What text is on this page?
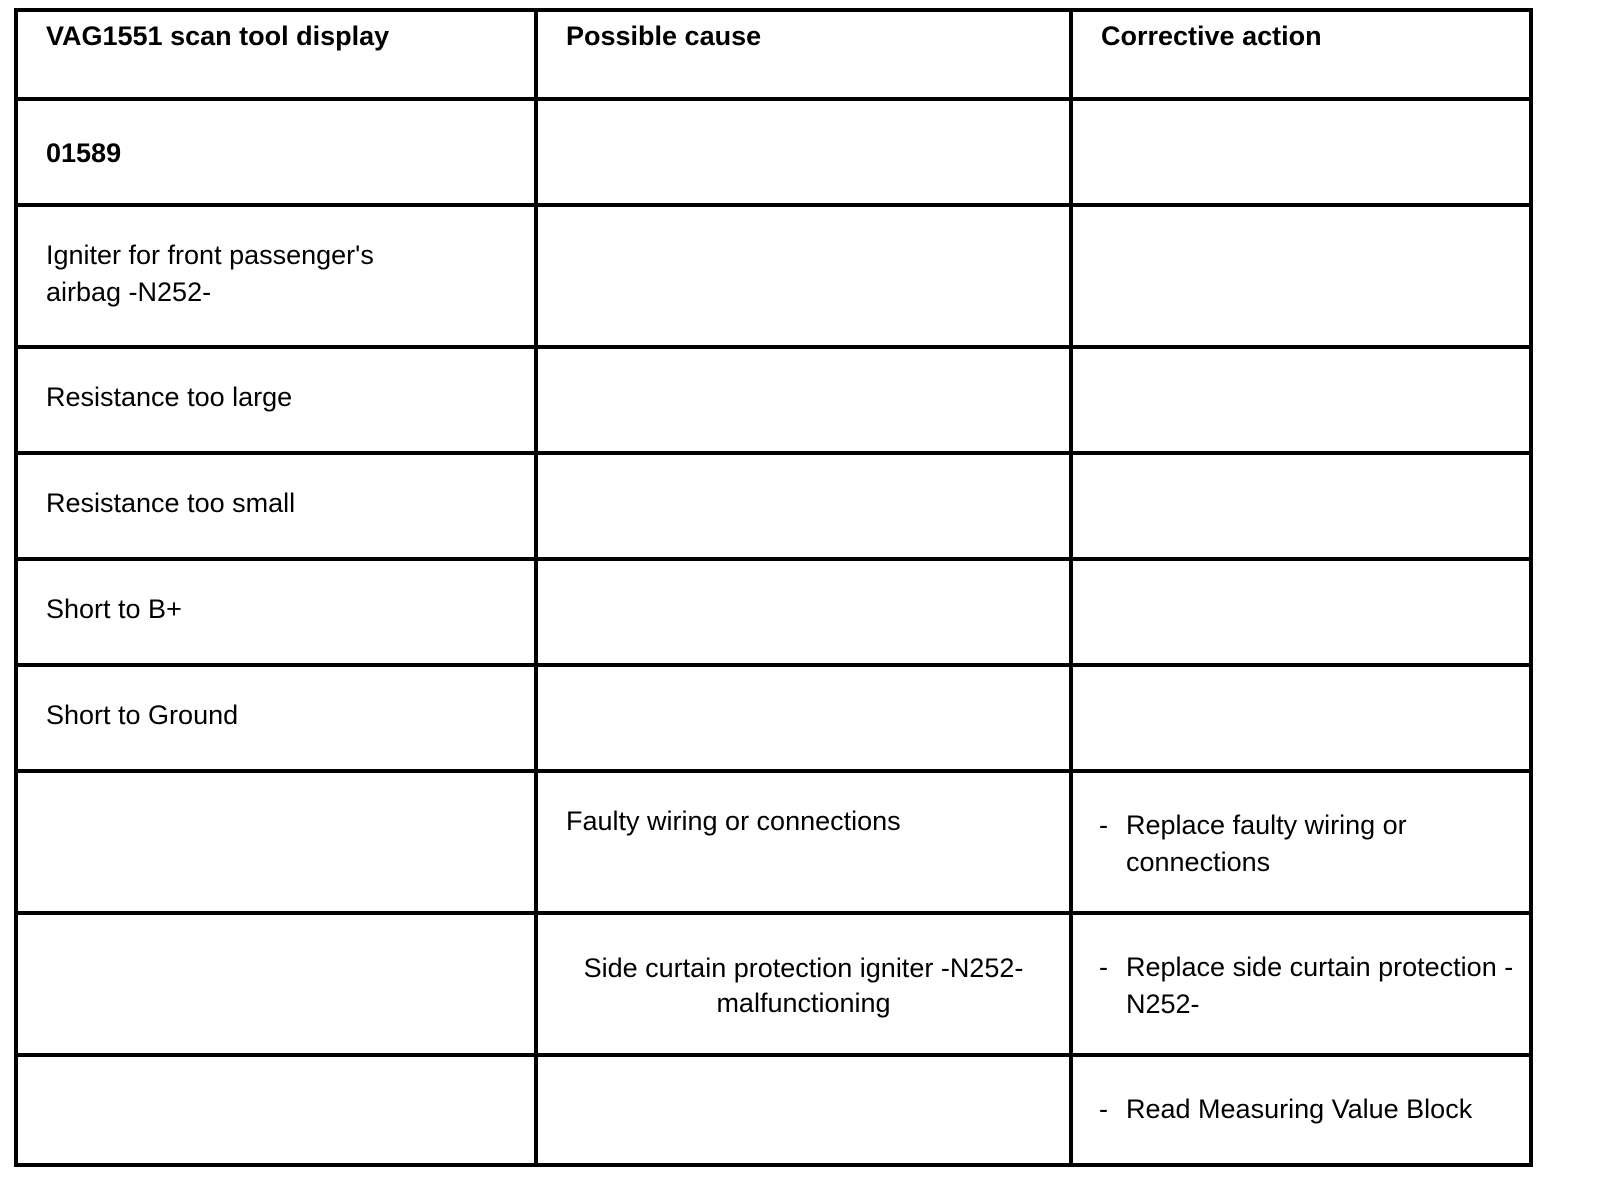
VAG1551 scan tool display	Possible cause	Corrective action
01589		
Igniter for front passenger's airbag -N252-		
Resistance too large		
Resistance too small		
Short to B+		
Short to Ground		
	Faulty wiring or connections	- Replace faulty wiring or connections

	Side curtain protection igniter -N252- malfunctioning	- Replace side curtain protection -N252-

		- Read Measuring Value Block
